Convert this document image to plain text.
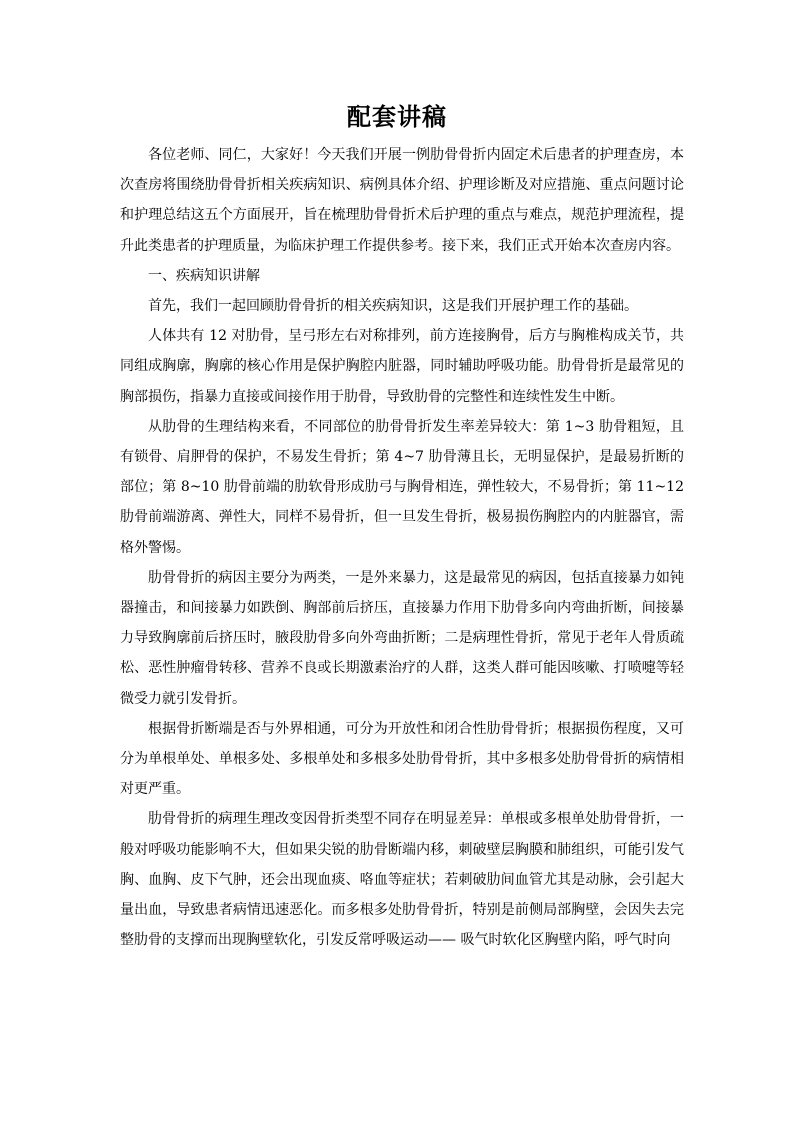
配套讲稿

各位老师、同仁，大家好！今天我们开展一例肋骨骨折内固定术后患者的护理查房，本次查房将围绕肋骨骨折相关疾病知识、病例具体介绍、护理诊断及对应措施、重点问题讨论和护理总结这五个方面展开，旨在梳理肋骨骨折术后护理的重点与难点，规范护理流程，提升此类患者的护理质量，为临床护理工作提供参考。接下来，我们正式开始本次查房内容。

一、疾病知识讲解

首先，我们一起回顾肋骨骨折的相关疾病知识，这是我们开展护理工作的基础。

人体共有 12 对肋骨，呈弓形左右对称排列，前方连接胸骨，后方与胸椎构成关节，共同组成胸廓，胸廓的核心作用是保护胸腔内脏器，同时辅助呼吸功能。肋骨骨折是最常见的胸部损伤，指暴力直接或间接作用于肋骨，导致肋骨的完整性和连续性发生中断。

从肋骨的生理结构来看，不同部位的肋骨骨折发生率差异较大：第 1~3 肋骨粗短，且有锁骨、肩胛骨的保护，不易发生骨折；第 4~7 肋骨薄且长，无明显保护，是最易折断的部位；第 8~10 肋骨前端的肋软骨形成肋弓与胸骨相连，弹性较大，不易骨折；第 11~12 肋骨前端游离、弹性大，同样不易骨折，但一旦发生骨折，极易损伤胸腔内的内脏器官，需格外警惕。

肋骨骨折的病因主要分为两类，一是外来暴力，这是最常见的病因，包括直接暴力如钝器撞击，和间接暴力如跌倒、胸部前后挤压，直接暴力作用下肋骨多向内弯曲折断，间接暴力导致胸廓前后挤压时，腋段肋骨多向外弯曲折断；二是病理性骨折，常见于老年人骨质疏松、恶性肿瘤骨转移、营养不良或长期激素治疗的人群，这类人群可能因咳嗽、打喷嚏等轻微受力就引发骨折。

根据骨折断端是否与外界相通，可分为开放性和闭合性肋骨骨折；根据损伤程度，又可分为单根单处、单根多处、多根单处和多根多处肋骨骨折，其中多根多处肋骨骨折的病情相对更严重。

肋骨骨折的病理生理改变因骨折类型不同存在明显差异：单根或多根单处肋骨骨折，一般对呼吸功能影响不大，但如果尖锐的肋骨断端内移，刺破壁层胸膜和肺组织，可能引发气胸、血胸、皮下气肿，还会出现血痰、咯血等症状；若刺破肋间血管尤其是动脉，会引起大量出血，导致患者病情迅速恶化。而多根多处肋骨骨折，特别是前侧局部胸壁，会因失去完整肋骨的支撑而出现胸壁软化，引发反常呼吸运动—— 吸气时软化区胸壁内陷，呼气时向
